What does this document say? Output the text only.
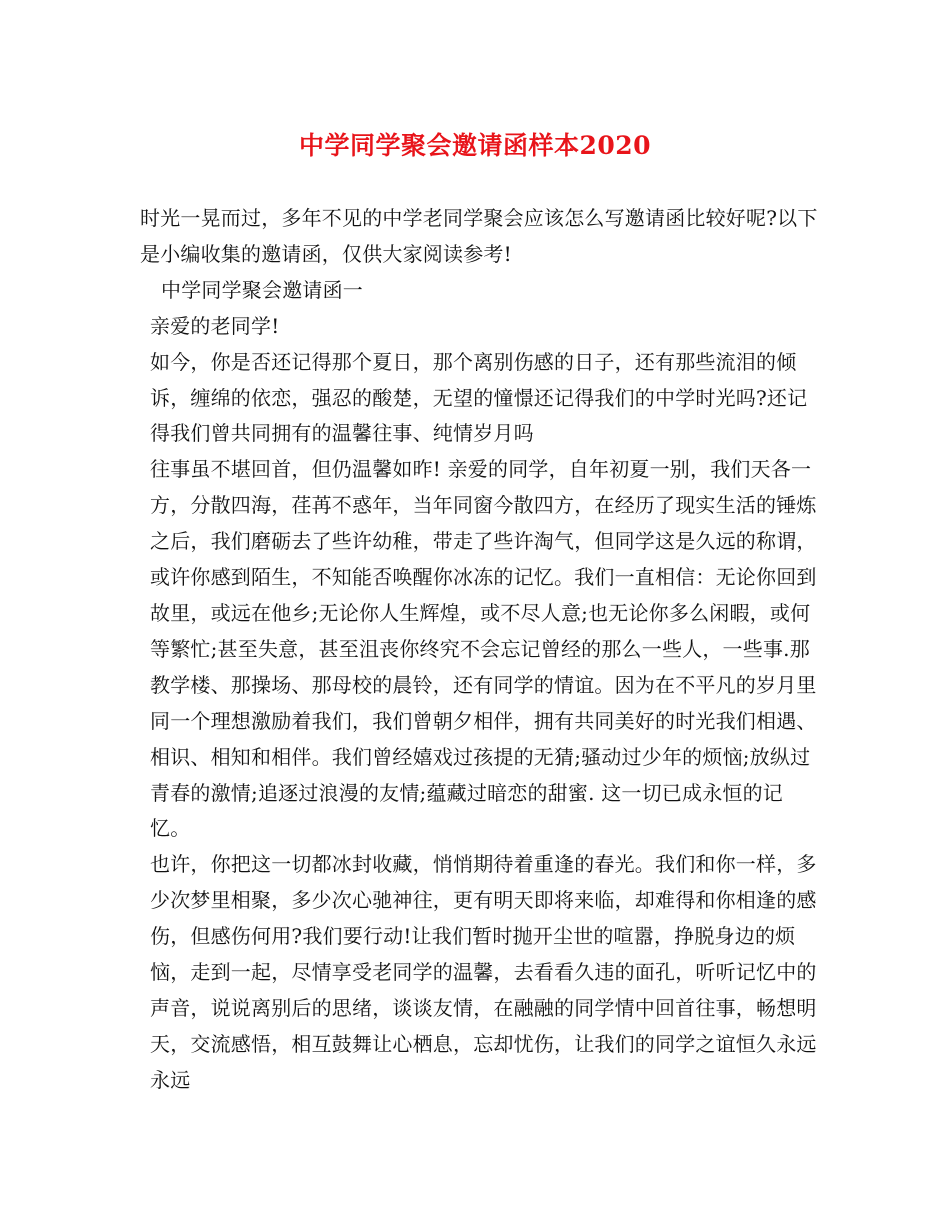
中学同学聚会邀请函样本2020

时光一晃而过，多年不见的中学老同学聚会应该怎么写邀请函比较好呢?以下是小编收集的邀请函，仅供大家阅读参考!

中学同学聚会邀请函一

亲爱的老同学!

如今，你是否还记得那个夏日，那个离别伤感的日子，还有那些流泪的倾诉，缠绵的依恋，强忍的酸楚，无望的憧憬还记得我们的中学时光吗?还记得我们曾共同拥有的温馨往事、纯情岁月吗

往事虽不堪回首，但仍温馨如昨! 亲爱的同学，自年初夏一别，我们天各一方，分散四海，荏苒不惑年，当年同窗今散四方，在经历了现实生活的锤炼之后，我们磨砺去了些许幼稚，带走了些许淘气，但同学这是久远的称谓，或许你感到陌生，不知能否唤醒你冰冻的记忆。我们一直相信：无论你回到故里，或远在他乡;无论你人生辉煌，或不尽人意;也无论你多么闲暇，或何等繁忙;甚至失意，甚至沮丧你终究不会忘记曾经的那么一些人，一些事.那教学楼、那操场、那母校的晨铃，还有同学的情谊。因为在不平凡的岁月里同一个理想激励着我们，我们曾朝夕相伴，拥有共同美好的时光我们相遇、相识、相知和相伴。我们曾经嬉戏过孩提的无猜;骚动过少年的烦恼;放纵过青春的激情;追逐过浪漫的友情;蕴藏过暗恋的甜蜜. 这一切已成永恒的记忆。

也许，你把这一切都冰封收藏，悄悄期待着重逢的春光。我们和你一样，多少次梦里相聚，多少次心驰神往，更有明天即将来临，却难得和你相逢的感伤，但感伤何用?我们要行动!让我们暂时抛开尘世的喧嚣，挣脱身边的烦恼，走到一起，尽情享受老同学的温馨，去看看久违的面孔，听听记忆中的声音，说说离别后的思绪，谈谈友情，在融融的同学情中回首往事，畅想明天，交流感悟，相互鼓舞让心栖息，忘却忧伤，让我们的同学之谊恒久永远永远
